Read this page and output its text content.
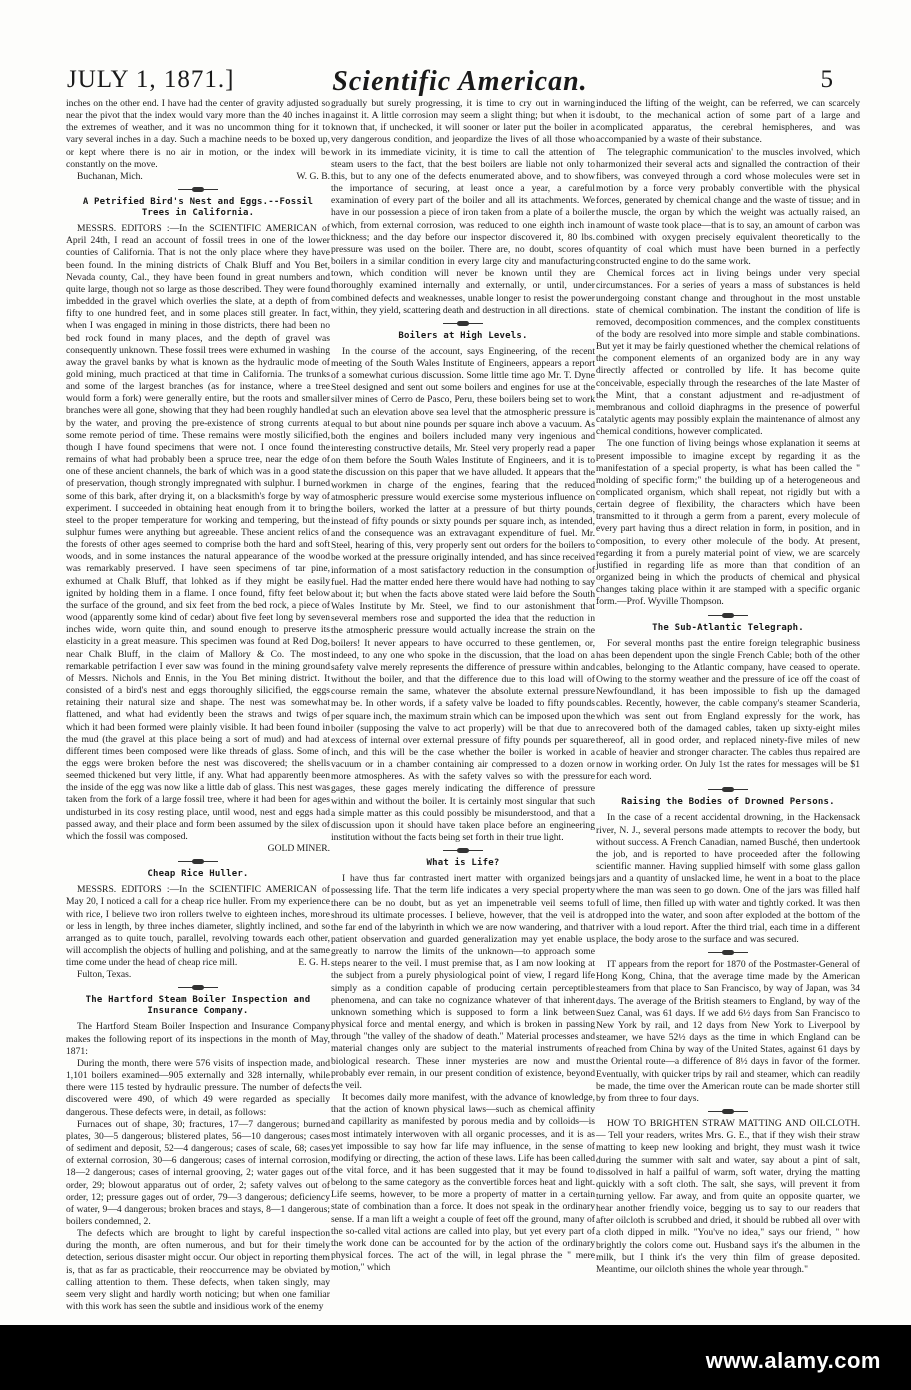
JULY 1, 1871.]	Scientific American.	5

inches on the other end. I have had the center of gravity adjusted so near the pivot that the index would vary more than the 40 inches in the extremes of weather, and it was no uncommon thing for it to vary several inches in a day. Such a machine needs to be boxed up, or kept where there is no air in motion, or the index will be constantly on the move.

Buchanan, Mich.	W. G. B.

A Petrified Bird's Nest and Eggs.--Fossil Trees in California.

MESSRS. EDITORS :—In the SCIENTIFIC AMERICAN of April 24th, I read an account of fossil trees in one of the lower counties of California. That is not the only place where they have been found. In the mining districts of Chalk Bluff and You Bet, Nevada county, Cal., they have been found in great numbers and quite large, though not so large as those described. They were found imbedded in the gravel which overlies the slate, at a depth of from fifty to one hundred feet, and in some places still greater. In fact, when I was engaged in mining in those districts, there had been no bed rock found in many places, and the depth of gravel was consequently unknown. These fossil trees were exhumed in washing away the gravel banks by what is known as the hydraulic mode of gold mining, much practiced at that time in California. The trunks and some of the largest branches (as for instance, where a tree would form a fork) were generally entire, but the roots and smaller branches were all gone, showing that they had been roughly handled by the water, and proving the pre-existence of strong currents at some remote period of time. These remains were mostly silicified, though I have found specimens that were not. I once found the remains of what had probably been a spruce tree, near the edge of one of these ancient channels, the bark of which was in a good state of preservation, though strongly impregnated with sulphur. I burned some of this bark, after drying it, on a blacksmith's forge by way of experiment. I succeeded in obtaining heat enough from it to bring steel to the proper temperature for working and tempering, but the sulphur fumes were anything but agreeable. These ancient relics of the forests of other ages seemed to comprise both the hard and soft woods, and in some instances the natural appearance of the wood was remarkably preserved. I have seen specimens of tar pine, exhumed at Chalk Bluff, that lohked as if they might be easily ignited by holding them in a flame. I once found, fifty feet below the surface of the ground, and six feet from the bed rock, a piece of wood (apparently some kind of cedar) about five feet long by seven inches wide, worn quite thin, and sound enough to preserve its elasticity in a great measure. This specimen was found at Red Dog, near Chalk Bluff, in the claim of Mallory & Co. The most remarkable petrifaction I ever saw was found in the mining ground of Messrs. Nichols and Ennis, in the You Bet mining district. It consisted of a bird's nest and eggs thoroughly silicified, the eggs retaining their natural size and shape. The nest was somewhat flattened, and what had evidently been the straws and twigs of which it had been formed were plainly visible. It had been found in the mud (the gravel at this place being a sort of mud) and had at different times been composed were like threads of glass. Some of the eggs were broken before the nest was discovered; the shells seemed thickened but very little, if any. What had apparently been the inside of the egg was now like a little dab of glass. This nest was taken from the fork of a large fossil tree, where it had been for ages undisturbed in its cosy resting place, until wood, nest and eggs had passed away, and their place and form been assumed by the silex of which the fossil was composed.

GOLD MINER.

Cheap Rice Huller.

MESSRS. EDITORS :—In the SCIENTIFIC AMERICAN of May 20, I noticed a call for a cheap rice huller. From my experience with rice, I believe two iron rollers twelve to eighteen inches, more or less in length, by three inches diameter, slightly inclined, and so arranged as to quite touch, parallel, revolving towards each other, will accomplish the objects of hulling and polishing, and at the same time come under the head of cheap rice mill.	E. G. H.

Fulton, Texas.

The Hartford Steam Boiler Inspection and Insurance Company.

The Hartford Steam Boiler Inspection and Insurance Company makes the following report of its inspections in the month of May, 1871:

During the month, there were 576 visits of inspection made, and 1,101 boilers examined—905 externally and 328 internally, while there were 115 tested by hydraulic pressure. The number of defects discovered were 490, of which 49 were regarded as specially dangerous. These defects were, in detail, as follows:

Furnaces out of shape, 30; fractures, 17—7 dangerous; burned plates, 30—5 dangerous; blistered plates, 56—10 dangerous; cases of sediment and deposit, 52—4 dangerous; cases of scale, 68; cases of external corrosion, 30—6 dangerous; cases of internal corrosion, 18—2 dangerous; cases of internal grooving, 2; water gages out of order, 29; blowout apparatus out of order, 2; safety valves out of order, 12; pressure gages out of order, 79—3 dangerous; deficiency of water, 9—4 dangerous; broken braces and stays, 8—1 dangerous; boilers condemned, 2.

The defects which are brought to light by careful inspection during the month, are often numerous, and but for their timely detection, serious disaster might occur. Our object in reporting them is, that as far as practicable, their reoccurrence may be obviated by calling attention to them. These defects, when taken singly, may seem very slight and hardly worth noticing; but when one familiar with this work has seen the subtle and insidious work of the enemy

gradually but surely progressing, it is time to cry out in warning against it. A little corrosion may seem a slight thing; but when it is known that, if unchecked, it will sooner or later put the boiler in a very dangerous condition, and jeopardize the lives of all those who work in its immediate vicinity, it is time to call the attention of steam users to the fact, that the best boilers are liable not only to this, but to any one of the defects enumerated above, and to show the importance of securing, at least once a year, a careful examination of every part of the boiler and all its attachments. We have in our possession a piece of iron taken from a plate of a boiler which, from external corrosion, was reduced to one eighth inch in thickness; and the day before our inspector discovered it, 80 lbs. pressure was used on the boiler. There are, no doubt, scores of boilers in a similar condition in every large city and manufacturing town, which condition will never be known until they are thoroughly examined internally and externally, or until, under combined defects and weaknesses, unable longer to resist the power within, they yield, scattering death and destruction in all directions.

Boilers at High Levels.

In the course of the account, says Engineering, of the recent meeting of the South Wales Institute of Engineers, appears a report of a somewhat curious discussion. Some little time ago Mr. T. Dyne Steel designed and sent out some boilers and engines for use at the silver mines of Cerro de Pasco, Peru, these boilers being set to work at such an elevation above sea level that the atmospheric pressure is equal to but about nine pounds per square inch above a vacuum. As both the engines and boilers included many very ingenious and interesting constructive details, Mr. Steel very properly read a paper on them before the South Wales Institute of Engineers, and it is to the discussion on this paper that we have alluded. It appears that the workmen in charge of the engines, fearing that the reduced atmospheric pressure would exercise some mysterious influence on the boilers, worked the latter at a pressure of but thirty pounds, instead of fifty pounds or sixty pounds per square inch, as intended, and the consequence was an extravagant expenditure of fuel. Mr. Steel, hearing of this, very properly sent out orders for the boilers to be worked at the pressure originally intended, and has since received information of a most satisfactory reduction in the consumption of fuel. Had the matter ended here there would have had nothing to say about it; but when the facts above stated were laid before the South Wales Institute by Mr. Steel, we find to our astonishment that several members rose and supported the idea that the reduction in the atmospheric pressure would actually increase the strain on the boilers! It never appears to have occurred to these gentlemen, or, indeed, to any one who spoke in the discussion, that the load on a safety valve merely represents the difference of pressure within and without the boiler, and that the difference due to this load will of course remain the same, whatever the absolute external pressure may be. In other words, if a safety valve be loaded to fifty pounds per square inch, the maximum strain which can be imposed upon the boiler (supposing the valve to act properly) will be that due to an excess of internal over external pressure of fifty pounds per square inch, and this will be the case whether the boiler is worked in a vacuum or in a chamber containing air compressed to a dozen or more atmospheres. As with the safety valves so with the pressure gages, these gages merely indicating the difference of pressure within and without the boiler. It is certainly most singular that such a simple matter as this could possibly be misunderstood, and that a discussion upon it should have taken place before an engineering institution without the facts being set forth in their true light.

What is Life?

I have thus far contrasted inert matter with organized beings possessing life. That the term life indicates a very special property there can be no doubt, but as yet an impenetrable veil seems to shroud its ultimate processes. I believe, however, that the veil is at the far end of the labyrinth in which we are now wandering, and that patient observation and guarded generalization may yet enable us greatly to narrow the limits of the unknown—to approach some steps nearer to the veil. I must premise that, as I am now looking at the subject from a purely physiological point of view, I regard life simply as a condition capable of producing certain perceptible phenomena, and can take no cognizance whatever of that inherent unknown something which is supposed to form a link between physical force and mental energy, and which is broken in passing through "the valley of the shadow of death." Material processes and material changes only are subject to the material instruments of biological research. These inner mysteries are now and must probably ever remain, in our present condition of existence, beyond the veil.

It becomes daily more manifest, with the advance of knowledge, that the action of known physical laws—such as chemical affinity and capillarity as manifested by porous media and by colloids—is most intimately interwoven with all organic processes, and it is as yet impossible to say how far life may influence, in the sense of modifying or directing, the action of these laws. Life has been called the vital force, and it has been suggested that it may be found to belong to the same category as the convertible forces heat and light. Life seems, however, to be more a property of matter in a certain state of combination than a force. It does not speak in the ordinary sense. If a man lift a weight a couple of feet off the ground, many of the so-called vital actions are called into play, but yet every part of the work done can be accounted for by the action of the ordinary physical forces. The act of the will, in legal phrase the " mere motion," which

induced the lifting of the weight, can be referred, we can scarcely doubt, to the mechanical action of some part of a large and complicated apparatus, the cerebral hemispheres, and was accompanied by a waste of their substance.

The telegraphic communication' to the muscles involved, which harmonized their several acts and signalled the contraction of their fibers, was conveyed through a cord whose molecules were set in motion by a force very probably convertible with the physical forces, generated by chemical change and the waste of tissue; and in the muscle, the organ by which the weight was actually raised, an amount of waste took place—that is to say, an amount of carbon was combined with oxygen precisely equivalent theoretically to the quantity of coal which must have been burned in a perfectly constructed engine to do the same work.

Chemical forces act in living beings under very special circumstances. For a series of years a mass of substances is held undergoing constant change and throughout in the most unstable state of chemical combination. The instant the condition of life is removed, decomposition commences, and the complex constituents of the body are resolved into more simple and stable combinations. But yet it may be fairly questioned whether the chemical relations of the component elements of an organized body are in any way directly affected or controlled by life. It has become quite conceivable, especially through the researches of the late Master of the Mint, that a constant adjustment and re-adjustment of membranous and colloid diaphragms in the presence of powerful catalytic agents may possibly explain the maintenance of almost any chemical conditions, however complicated.

The one function of living beings whose explanation it seems at present impossible to imagine except by regarding it as the manifestation of a special property, is what has been called the " molding of specific form;" the building up of a heterogeneous and complicated organism, which shall repeat, not rigidly but with a certain degree of flexibility, the characters which have been transmitted to it through a germ from a parent, every molecule of every part having thus a direct relation in form, in position, and in composition, to every other molecule of the body. At present, regarding it from a purely material point of view, we are scarcely justified in regarding life as more than that condition of an organized being in which the products of chemical and physical changes taking place within it are stamped with a specific organic form.—Prof. Wyville Thompson.

The Sub-Atlantic Telegraph.

For several months past the entire foreign telegraphic business has been dependent upon the single French Cable; both of the other cables, belonging to the Atlantic company, have ceased to operate. Owing to the stormy weather and the pressure of ice off the coast of Newfoundland, it has been impossible to fish up the damaged cables. Recently, however, the cable company's steamer Scanderia, which was sent out from England expressly for the work, has recovered both of the damaged cables, taken up sixty-eight miles thereof, all in good order, and replaced ninety-five miles of new cable of heavier and stronger character. The cables thus repaired are now in working order. On July 1st the rates for messages will be $1 for each word.

Raising the Bodies of Drowned Persons.

In the case of a recent accidental drowning, in the Hackensack river, N. J., several persons made attempts to recover the body, but without success. A French Canadian, named Busché, then undertook the job, and is reported to have proceeded after the following scientific manner. Having supplied himself with some glass gallon jars and a quantity of unslacked lime, he went in a boat to the place where the man was seen to go down. One of the jars was filled half full of lime, then filled up with water and tightly corked. It was then dropped into the water, and soon after exploded at the bottom of the river with a loud report. After the third trial, each time in a different place, the body arose to the surface and was secured.

IT appears from the report for 1870 of the Postmaster-General of Hong Kong, China, that the average time made by the American steamers from that place to San Francisco, by way of Japan, was 34 days. The average of the British steamers to England, by way of the Suez Canal, was 61 days. If we add 6½ days from San Francisco to New York by rail, and 12 days from New York to Liverpool by steamer, we have 52½ days as the time in which England can be reached from China by way of the United States, against 61 days by the Oriental route—a difference of 8½ days in favor of the former. Eventually, with quicker trips by rail and steamer, which can readily be made, the time over the American route can be made shorter still by from three to four days.

HOW TO BRIGHTEN STRAW MATTING AND OILCLOTH.— Tell your readers, writes Mrs. G. E., that if they wish their straw matting to keep new looking and bright, they must wash it twice during the summer with salt and water, say about a pint of salt, dissolved in half a pailful of warm, soft water, drying the matting quickly with a soft cloth. The salt, she says, will prevent it from turning yellow. Far away, and from quite an opposite quarter, we hear another friendly voice, begging us to say to our readers that after oilcloth is scrubbed and dried, it should be rubbed all over with a cloth dipped in milk. "You've no idea," says our friend, " how brightly the colors come out. Husband says it's the albumen in the milk, but I think it's the very thin film of grease deposited. Meantime, our oilcloth shines the whole year through."

www.alamy.com
